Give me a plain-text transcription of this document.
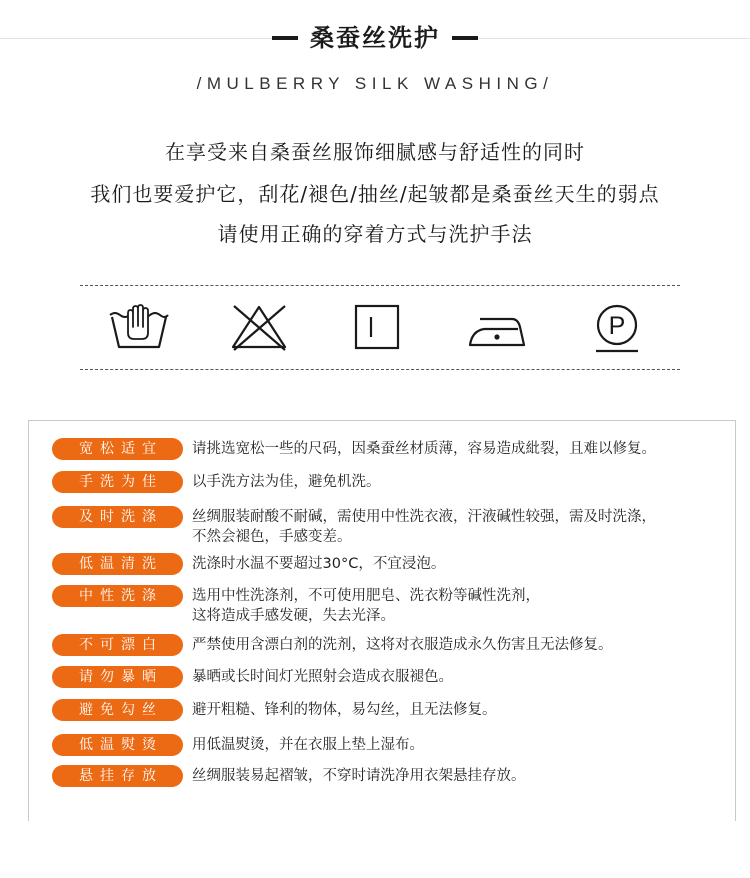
桑蚕丝洗护
/MULBERRY SILK WASHING/
在享受来自桑蚕丝服饰细腻感与舒适性的同时
我们也要爱护它，刮花/褪色/抽丝/起皱都是桑蚕丝天生的弱点
请使用正确的穿着方式与洗护手法
P
宽松适宜	请挑选宽松一些的尺码，因桑蚕丝材质薄，容易造成紕裂，且难以修复。
手洗为佳	以手洗方法为佳，避免机洗。
及时洗涤	丝绸服装耐酸不耐碱，需使用中性洗衣液，汗液碱性较强，需及时洗涤，
不然会褪色，手感变差。
低温清洗	洗涤时水温不要超过30°C，不宜浸泡。
中性洗涤	选用中性洗涤剂，不可使用肥皂、洗衣粉等碱性洗剂，
这将造成手感发硬，失去光泽。
不可漂白	严禁使用含漂白剂的洗剂，这将对衣服造成永久伤害且无法修复。
请勿暴晒	暴晒或长时间灯光照射会造成衣服褪色。
避免勾丝	避开粗糙、锋利的物体，易勾丝，且无法修复。
低温熨烫	用低温熨烫，并在衣服上垫上湿布。
悬挂存放	丝绸服装易起褶皱，不穿时请洗净用衣架悬挂存放。
